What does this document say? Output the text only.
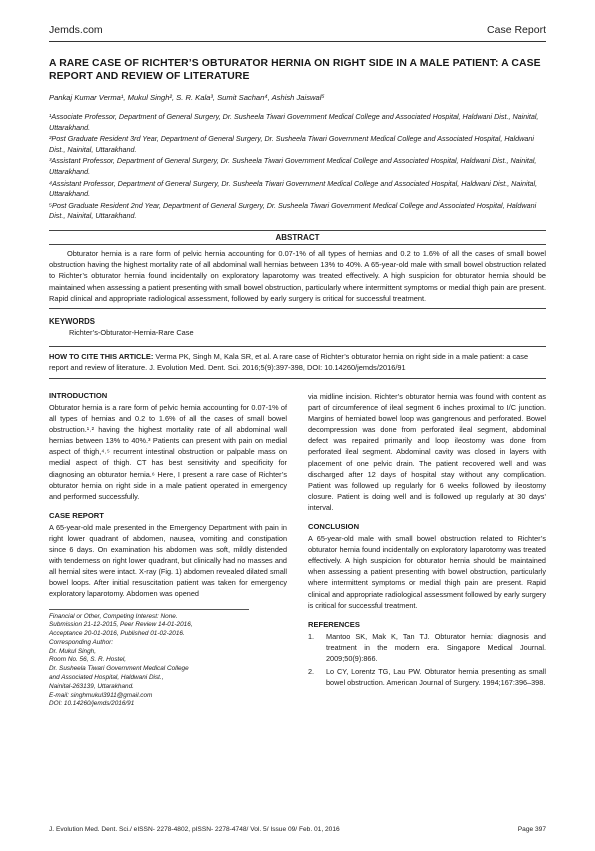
Jemds.com	Case Report
A RARE CASE OF RICHTER’S OBTURATOR HERNIA ON RIGHT SIDE IN A MALE PATIENT: A CASE REPORT AND REVIEW OF LITERATURE
Pankaj Kumar Verma¹, Mukul Singh², S. R. Kala³, Sumit Sachan⁴, Ashish Jaiswal⁵

¹Associate Professor, Department of General Surgery, Dr. Susheela Tiwari Government Medical College and Associated Hospital, Haldwani Dist., Nainital, Uttarakhand.

²Post Graduate Resident 3rd Year, Department of General Surgery, Dr. Susheela Tiwari Government Medical College and Associated Hospital, Haldwani Dist., Nainital, Uttarakhand.

³Assistant Professor, Department of General Surgery, Dr. Susheela Tiwari Government Medical College and Associated Hospital, Haldwani Dist., Nainital, Uttarakhand.

⁴Assistant Professor, Department of General Surgery, Dr. Susheela Tiwari Government Medical College and Associated Hospital, Haldwani Dist., Nainital, Uttarakhand.

⁵Post Graduate Resident 2nd Year, Department of General Surgery, Dr. Susheela Tiwari Government Medical College and Associated Hospital, Haldwani Dist., Nainital, Uttarakhand.

ABSTRACT
Obturator hernia is a rare form of pelvic hernia accounting for 0.07-1% of all types of hernias and 0.2 to 1.6% of all the cases of small bowel obstruction having the highest mortality rate of all abdominal wall hernias between 13% to 40%. A 65-year-old male with small bowel obstruction related to Richter’s obturator hernia found incidentally on exploratory laparotomy was treated effectively. A high suspicion for obturator hernia should be maintained when assessing a patient presenting with small bowel obstruction, particularly where intermittent symptoms or medial thigh pain are present. Rapid clinical and appropriate radiological assessment, followed by early surgery is critical for successful treatment.
KEYWORDS
Richter’s-Obturator-Hernia-Rare Case
HOW TO CITE THIS ARTICLE: Verma PK, Singh M, Kala SR, et al. A rare case of Richter’s obturator hernia on right side in a male patient: a case report and review of literature. J. Evolution Med. Dent. Sci. 2016;5(9):397-398, DOI: 10.14260/jemds/2016/91
INTRODUCTION

Obturator hernia is a rare form of pelvic hernia accounting for 0.07-1% of all types of hernias and 0.2 to 1.6% of all the cases of small bowel obstruction.¹˒² having the highest mortality rate of all abdominal wall hernias between 13% to 40%.³ Patients can present with pain on medial aspect of thigh,⁴˒⁵ recurrent intestinal obstruction or palpable mass on medial aspect of thigh. CT has best sensitivity and specificity for diagnosing an obturator hernia.⁶ Here, I present a rare case of Richter’s obturator hernia on right side in a male patient operated in emergency and performed successfully.

CASE REPORT

A 65-year-old male presented in the Emergency Department with pain in right lower quadrant of abdomen, nausea, vomiting and constipation since 6 days. On examination his abdomen was soft, mildly distended with tenderness on right lower quadrant, but clinically had no masses and all hernial sites were intact. X-ray (Fig. 1) abdomen revealed dilated small bowel loops. After initial resuscitation patient was taken for emergency exploratory laparotomy. Abdomen was opened

Financial or Other, Competing Interest: None.
Submission 21-12-2015, Peer Review 14-01-2016,
Acceptance 20-01-2016, Published 01-02-2016.
Corresponding Author:
Dr. Mukul Singh,
Room No. 56, S. R. Hostel,
Dr. Susheela Tiwari Government Medical College
and Associated Hospital, Haldwani Dist.,
Nainital-263139, Uttarakhand.
E-mail: singhmukul3911@gmail.com
DOI: 10.14260/jemds/2016/91

via midline incision. Richter’s obturator hernia was found with content as part of circumference of ileal segment 6 inches proximal to I/C junction. Margins of herniated bowel loop was gangrenous and perforated. Bowel decompression was done from perforated ileal segment, abdominal defect was repaired primarily and loop ileostomy was done from perforated ileal segment. Abdominal cavity was closed in layers with placement of one pelvic drain. The patient recovered well and was discharged after 12 days of hospital stay without any complication. Patient was followed up regularly for 6 weeks followed by ileostomy closure. Patient is doing well and is followed up regularly at 30 days’ interval.

CONCLUSION

A 65-year-old male with small bowel obstruction related to Richter’s obturator hernia found incidentally on exploratory laparotomy was treated effectively. A high suspicion for obturator hernia should be maintained when assessing a patient presenting with bowel obstruction, particularly where intermittent symptoms or medial thigh pain are present. Rapid clinical and appropriate radiological assessment followed by early surgery is critical for successful treatment.

REFERENCES
1.	Mantoo SK, Mak K, Tan TJ. Obturator hernia: diagnosis and treatment in the modern era. Singapore Medical Journal. 2009;50(9):866.
2.	Lo CY, Lorentz TG, Lau PW. Obturator hernia presenting as small bowel obstruction. American Journal of Surgery. 1994;167:396–398.
J. Evolution Med. Dent. Sci./ eISSN- 2278-4802, pISSN- 2278-4748/ Vol. 5/ Issue 09/ Feb. 01, 2016	Page 397
